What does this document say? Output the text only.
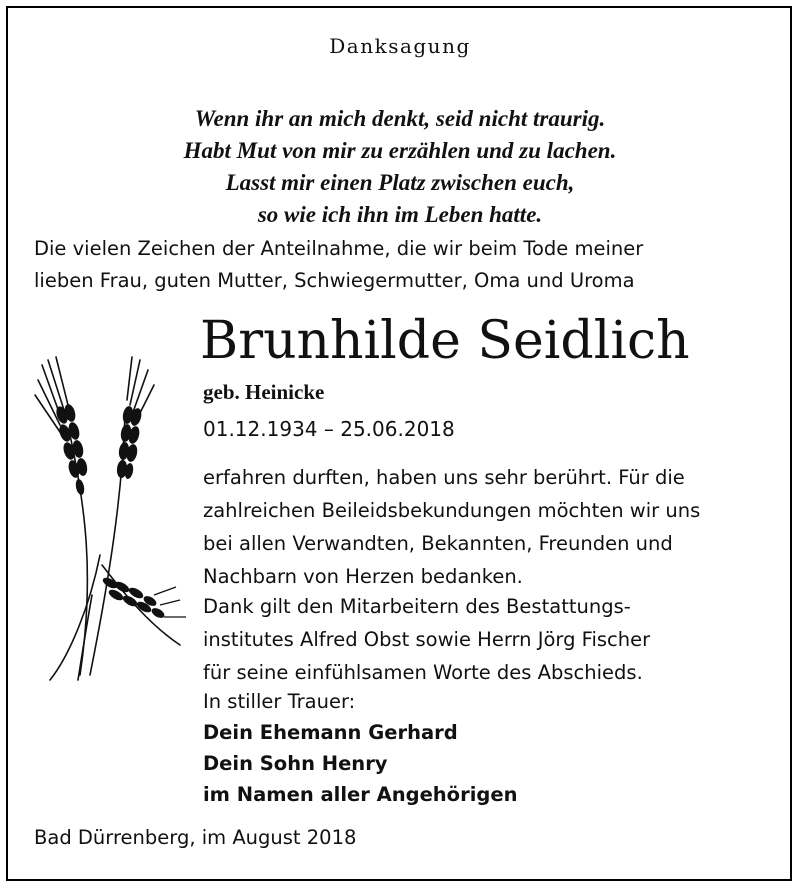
Danksagung
Wenn ihr an mich denkt, seid nicht traurig.
Habt Mut von mir zu erzählen und zu lachen.
Lasst mir einen Platz zwischen euch,
so wie ich ihn im Leben hatte.
Die vielen Zeichen der Anteilnahme, die wir beim Tode meiner
lieben Frau, guten Mutter, Schwiegermutter, Oma und Uroma
Brunhilde Seidlich
geb. Heinicke
01.12.1934 – 25.06.2018
erfahren durften, haben uns sehr berührt. Für die
zahlreichen Beileidsbekundungen möchten wir uns
bei allen Verwandten, Bekannten, Freunden und
Nachbarn von Herzen bedanken.
Dank gilt den Mitarbeitern des Bestattungs-
institutes Alfred Obst sowie Herrn Jörg Fischer
für seine einfühlsamen Worte des Abschieds.
In stiller Trauer:
Dein Ehemann Gerhard
Dein Sohn Henry
im Namen aller Angehörigen
Bad Dürrenberg, im August 2018
